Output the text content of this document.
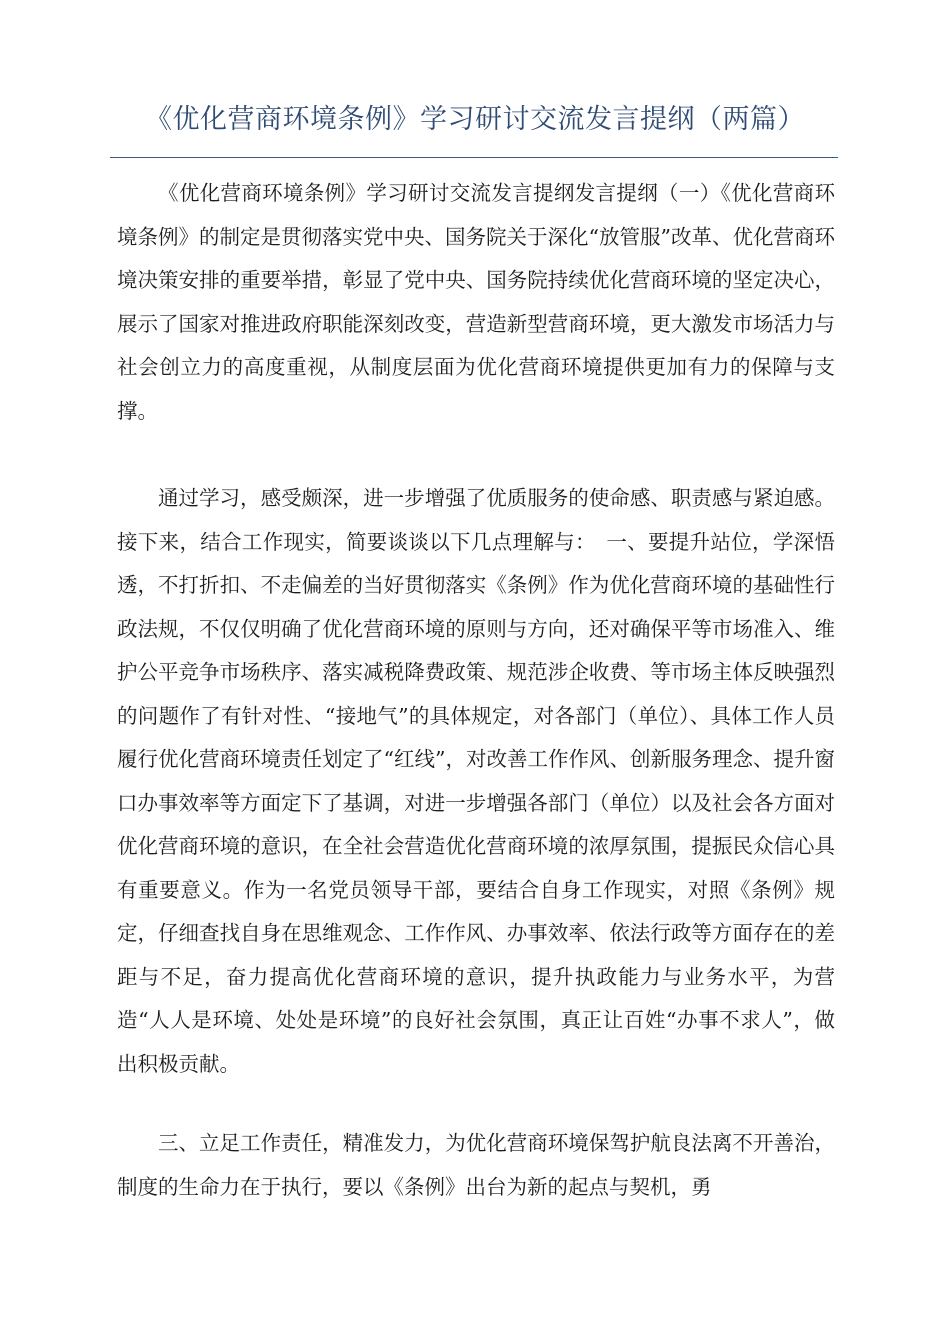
《优化营商环境条例》学习研讨交流发言提纲（两篇）

《优化营商环境条例》学习研讨交流发言提纲发言提纲（一）《优化营商环境条例》的制定是贯彻落实党中央、国务院关于深化“放管服”改革、优化营商环境决策安排的重要举措，彰显了党中央、国务院持续优化营商环境的坚定决心，展示了国家对推进政府职能深刻改变，营造新型营商环境，更大激发市场活力与社会创立力的高度重视，从制度层面为优化营商环境提供更加有力的保障与支撑。

通过学习，感受颇深，进一步增强了优质服务的使命感、职责感与紧迫感。接下来，结合工作现实，简要谈谈以下几点理解与：　一、要提升站位，学深悟透，不打折扣、不走偏差的当好贯彻落实《条例》作为优化营商环境的基础性行政法规，不仅仅明确了优化营商环境的原则与方向，还对确保平等市场准入、维护公平竞争市场秩序、落实减税降费政策、规范涉企收费、等市场主体反映强烈的问题作了有针对性、“接地气”的具体规定，对各部门（单位）、具体工作人员履行优化营商环境责任划定了“红线”，对改善工作作风、创新服务理念、提升窗口办事效率等方面定下了基调，对进一步增强各部门（单位）以及社会各方面对优化营商环境的意识，在全社会营造优化营商环境的浓厚氛围，提振民众信心具有重要意义。作为一名党员领导干部，要结合自身工作现实，对照《条例》规定，仔细查找自身在思维观念、工作作风、办事效率、依法行政等方面存在的差距与不足，奋力提高优化营商环境的意识，提升执政能力与业务水平，为营造“人人是环境、处处是环境”的良好社会氛围，真正让百姓“办事不求人”，做出积极贡献。

三、立足工作责任，精准发力，为优化营商环境保驾护航良法离不开善治，制度的生命力在于执行，要以《条例》出台为新的起点与契机，勇
